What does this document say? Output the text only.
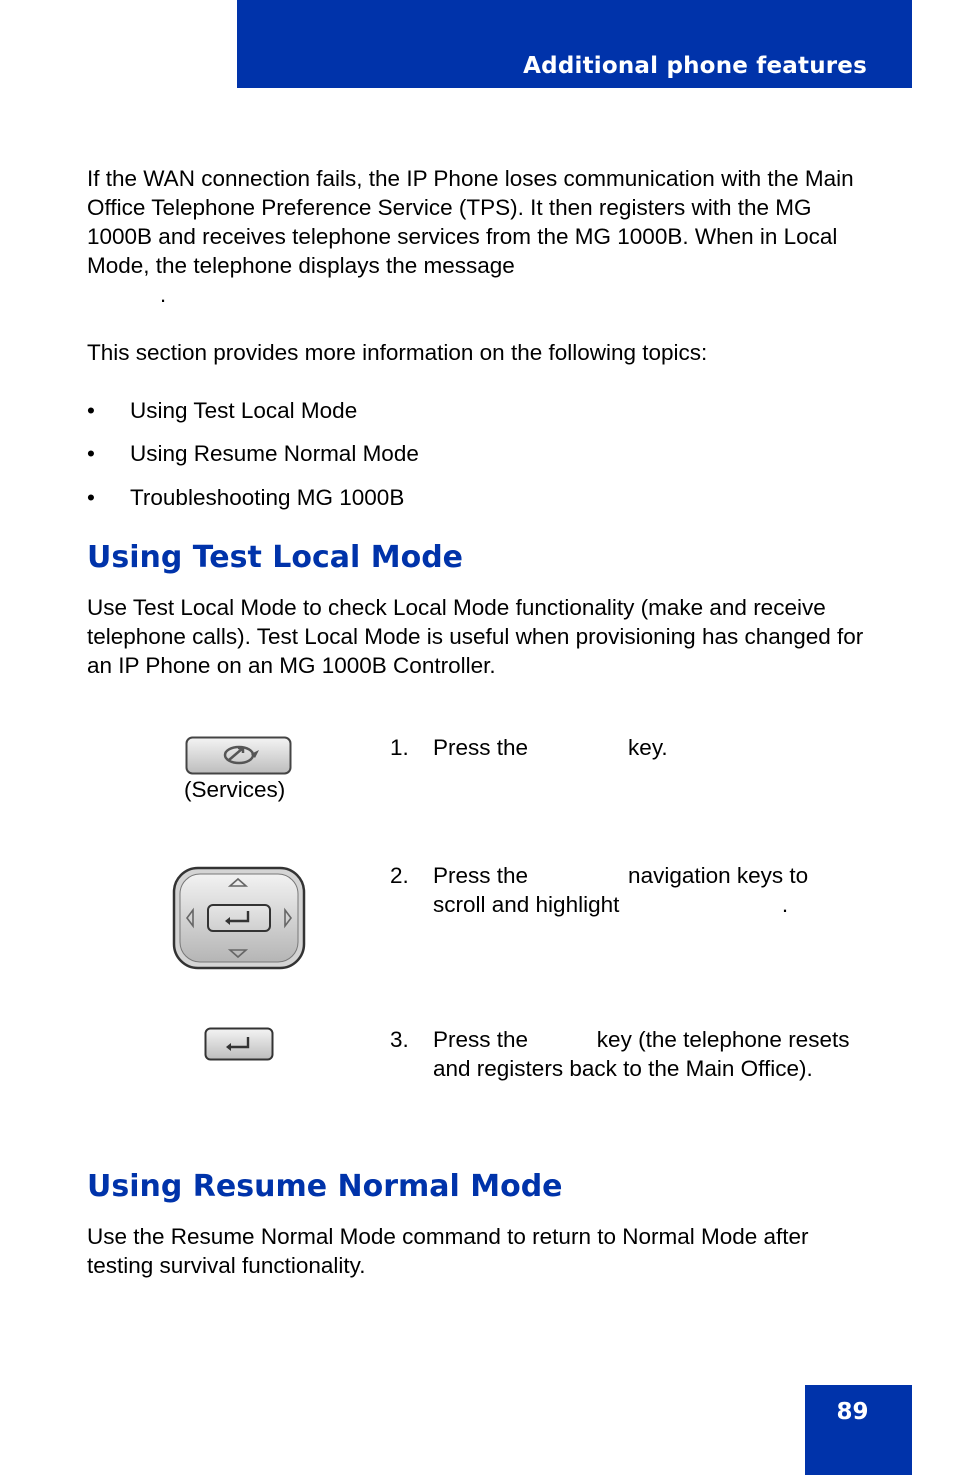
Additional phone features

If the WAN connection fails, the IP Phone loses communication with the Main Office Telephone Preference Service (TPS). It then registers with the MG 1000B and receives telephone services from the MG 1000B. When in Local Mode, the telephone displays the message

.

This section provides more information on the following topics:

• Using Test Local Mode
• Using Resume Normal Mode
• Troubleshooting MG 1000B
Using Test Local Mode

Use Test Local Mode to check Local Mode functionality (make and receive telephone calls). Test Local Mode is useful when provisioning has changed for an IP Phone on an MG 1000B Controller.

(Services)
1. Press the                key.
2. Press the                navigation keys to scroll and highlight                          .
3. Press the           key (the telephone resets and registers back to the Main Office).
Using Resume Normal Mode

Use the Resume Normal Mode command to return to Normal Mode after testing survival functionality.

89
